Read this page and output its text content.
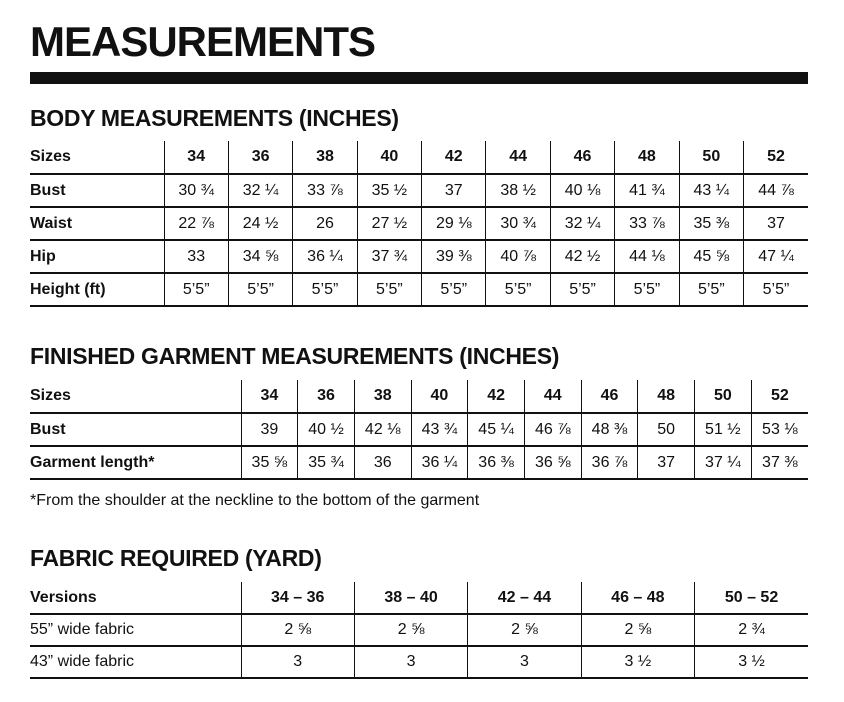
MEASUREMENTS
BODY MEASUREMENTS (INCHES)
Sizes	34	36	38	40	42	44	46	48	50	52
Bust	30 ¾	32 ¼	33 ⅞	35 ½	37	38 ½	40 ⅛	41 ¾	43 ¼	44 ⅞
Waist	22 ⅞	24 ½	26	27 ½	29 ⅛	30 ¾	32 ¼	33 ⅞	35 ⅜	37
Hip	33	34 ⅝	36 ¼	37 ¾	39 ⅜	40 ⅞	42 ½	44 ⅛	45 ⅝	47 ¼
Height (ft)	5’5”	5’5”	5’5”	5’5”	5’5”	5’5”	5’5”	5’5”	5’5”	5’5”
FINISHED GARMENT MEASUREMENTS (INCHES)
Sizes	34	36	38	40	42	44	46	48	50	52
Bust	39	40 ½	42 ⅛	43 ¾	45 ¼	46 ⅞	48 ⅜	50	51 ½	53 ⅛
Garment length*	35 ⅝	35 ¾	36	36 ¼	36 ⅜	36 ⅝	36 ⅞	37	37 ¼	37 ⅜

*From the shoulder at the neckline to the bottom of the garment

FABRIC REQUIRED (YARD)
Versions	34 – 36	38 – 40	42 – 44	46 – 48	50 – 52
55” wide fabric	2 ⅝	2 ⅝	2 ⅝	2 ⅝	2 ¾
43” wide fabric	3	3	3	3 ½	3 ½
